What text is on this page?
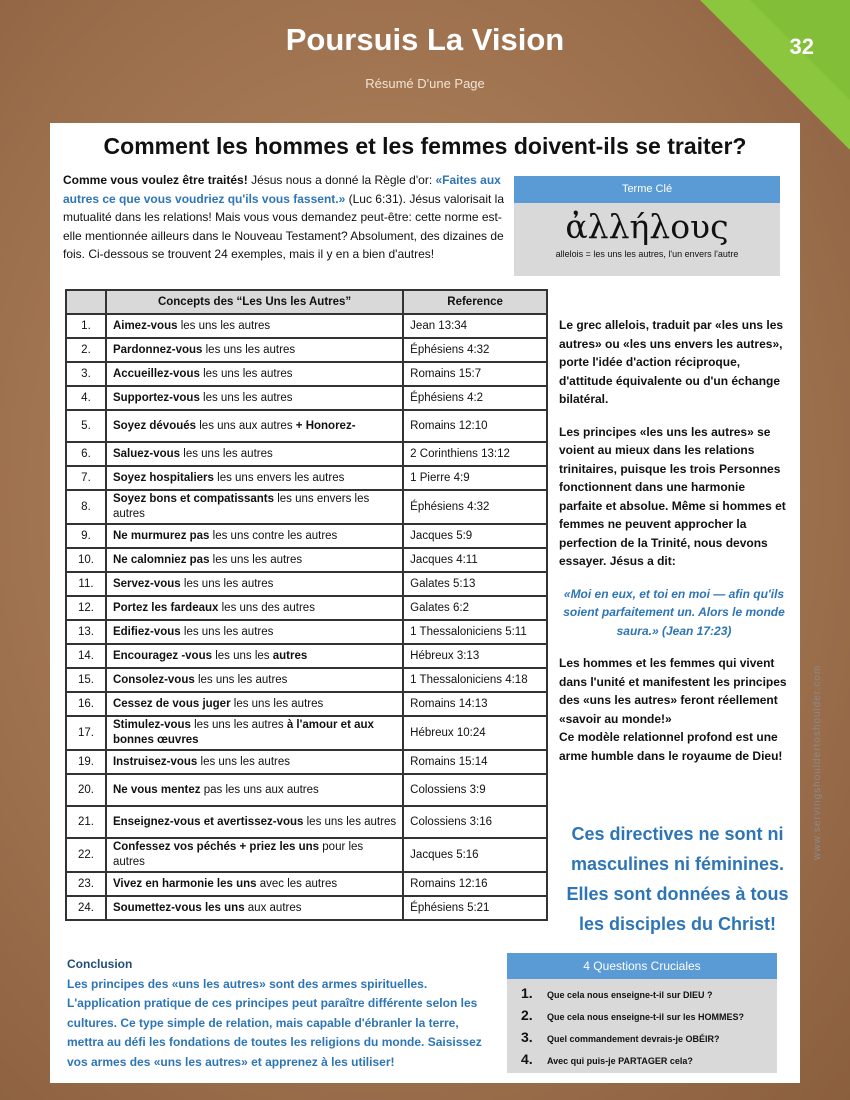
32
Poursuis La Vision
Résumé D'une Page
Comment les hommes et les femmes doivent-ils se traiter?
Comme vous voulez être traités! Jésus nous a donné la Règle d'or: «Faites aux autres ce que vous voudriez qu'ils vous fassent.» (Luc 6:31). Jésus valorisait la mutualité dans les relations! Mais vous vous demandez peut-être: cette norme est-elle mentionnée ailleurs dans le Nouveau Testament? Absolument, des dizaines de fois. Ci-dessous se trouvent 24 exemples, mais il y en a bien d'autres!
Terme Clé
ἀλλήλους
allelois = les uns les autres, l'un envers l'autre
	Concepts des “Les Uns les Autres”	Reference
1.	Aimez-vous les uns les autres	Jean 13:34
2.	Pardonnez-vous les uns les autres	Éphésiens 4:32
3.	Accueillez-vous les uns les autres	Romains 15:7
4.	Supportez-vous les uns les autres	Éphésiens 4:2
5.	Soyez dévoués les uns aux autres + Honorez-	Romains 12:10
6.	Saluez-vous les uns les autres	2 Corinthiens 13:12
7.	Soyez hospitaliers les uns envers les autres	1 Pierre 4:9
8.	Soyez bons et compatissants les uns envers les autres	Éphésiens 4:32
9.	Ne murmurez pas les uns contre les autres	Jacques 5:9
10.	Ne calomniez pas les uns les autres	Jacques 4:11
11.	Servez-vous les uns les autres	Galates 5:13
12.	Portez les fardeaux les uns des autres	Galates 6:2
13.	Edifiez-vous les uns les autres	1 Thessaloniciens 5:11
14.	Encouragez -vous les uns les autres	Hébreux 3:13
15.	Consolez-vous les uns les autres	1 Thessaloniciens 4:18
16.	Cessez de vous juger les uns les autres	Romains 14:13
17.	Stimulez-vous les uns les autres à l'amour et aux bonnes œuvres	Hébreux 10:24
19.	Instruisez-vous les uns les autres	Romains 15:14
20.	Ne vous mentez pas les uns aux autres	Colossiens 3:9
21.	Enseignez-vous et avertissez-vous les uns les autres	Colossiens 3:16
22.	Confessez vos péchés + priez les uns pour les autres	Jacques 5:16
23.	Vivez en harmonie les uns avec les autres	Romains 12:16
24.	Soumettez-vous les uns aux autres	Éphésiens 5:21

Le grec allelois, traduit par «les uns les autres» ou «les uns envers les autres», porte l'idée d'action réciproque, d'attitude équivalente ou d'un échange bilatéral.

Les principes «les uns les autres» se voient au mieux dans les relations trinitaires, puisque les trois Personnes fonctionnent dans une harmonie parfaite et absolue. Même si hommes et femmes ne peuvent approcher la perfection de la Trinité, nous devons essayer. Jésus a dit:

«Moi en eux, et toi en moi — afin qu'ils soient parfaitement un. Alors le monde saura.» (Jean 17:23)

Les hommes et les femmes qui vivent dans l'unité et manifestent les principes des «uns les autres» feront réellement «savoir au monde!»

Ce modèle relationnel profond est une arme humble dans le royaume de Dieu!

Ces directives ne sont ni masculines ni féminines. Elles sont données à tous les disciples du Christ!
Conclusion
Les principes des «uns les autres» sont des armes spirituelles. L'application pratique de ces principes peut paraître différente selon les cultures. Ce type simple de relation, mais capable d'ébranler la terre, mettra au défi les fondations de toutes les religions du monde. Saisissez vos armes des «uns les autres» et apprenez à les utiliser!
4 Questions Cruciales
1. Que cela nous enseigne-t-il sur DIEU ?
2. Que cela nous enseigne-t-il sur les HOMMES?
3. Quel commandement devrais-je OBÉIR?
4. Avec qui puis-je PARTAGER cela?
www.servingshouldertoshoulder.com
